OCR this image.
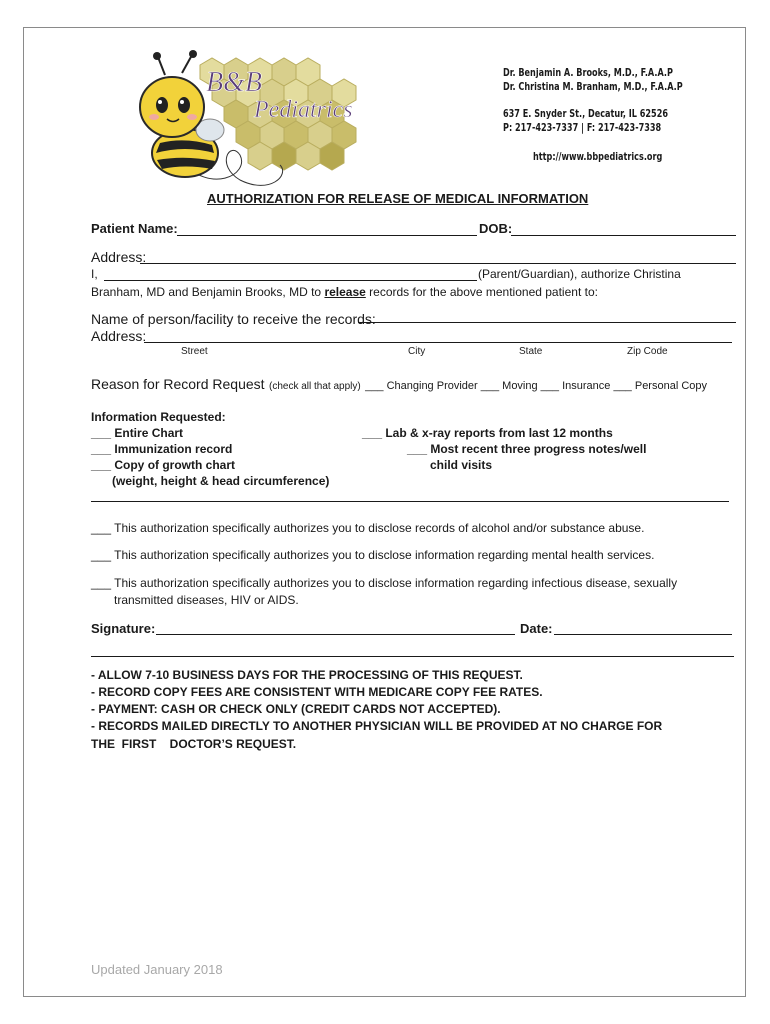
B&B
Pediatrics
Dr. Benjamin A. Brooks, M.D., F.A.A.P
Dr. Christina M. Branham, M.D., F.A.A.P
637 E. Snyder St., Decatur, IL 62526
P: 217-423-7337 | F: 217-423-7338
http://www.bbpediatrics.org
AUTHORIZATION FOR RELEASE OF MEDICAL INFORMATION
Patient Name:	DOB:
Address:
I,	(Parent/Guardian), authorize Christina
Branham, MD and Benjamin Brooks, MD to release records for the above mentioned patient to:
Name of person/facility to receive the records:
Address:
Street	City	State	Zip Code
Reason for Record Request (check all that apply) ___ Changing Provider ___ Moving ___ Insurance ___ Personal Copy
Information Requested:
___ Entire Chart
___ Immunization record
___ Copy of growth chart
(weight, height & head circumference)
___ Lab & x-ray reports from last 12 months
___ Most recent three progress notes/well
child visits
___ This authorization specifically authorizes you to disclose records of alcohol and/or substance abuse.
___ This authorization specifically authorizes you to disclose information regarding mental health services.
___ This authorization specifically authorizes you to disclose information regarding infectious disease, sexually
transmitted diseases, HIV or AIDS.
Signature:	Date:
- ALLOW 7-10 BUSINESS DAYS FOR THE PROCESSING OF THIS REQUEST.
- RECORD COPY FEES ARE CONSISTENT WITH MEDICARE COPY FEE RATES.
- PAYMENT: CASH OR CHECK ONLY (CREDIT CARDS NOT ACCEPTED).
- RECORDS MAILED DIRECTLY TO ANOTHER PHYSICIAN WILL BE PROVIDED AT NO CHARGE FOR
THE  FIRST    DOCTOR’S REQUEST.
Updated January 2018
